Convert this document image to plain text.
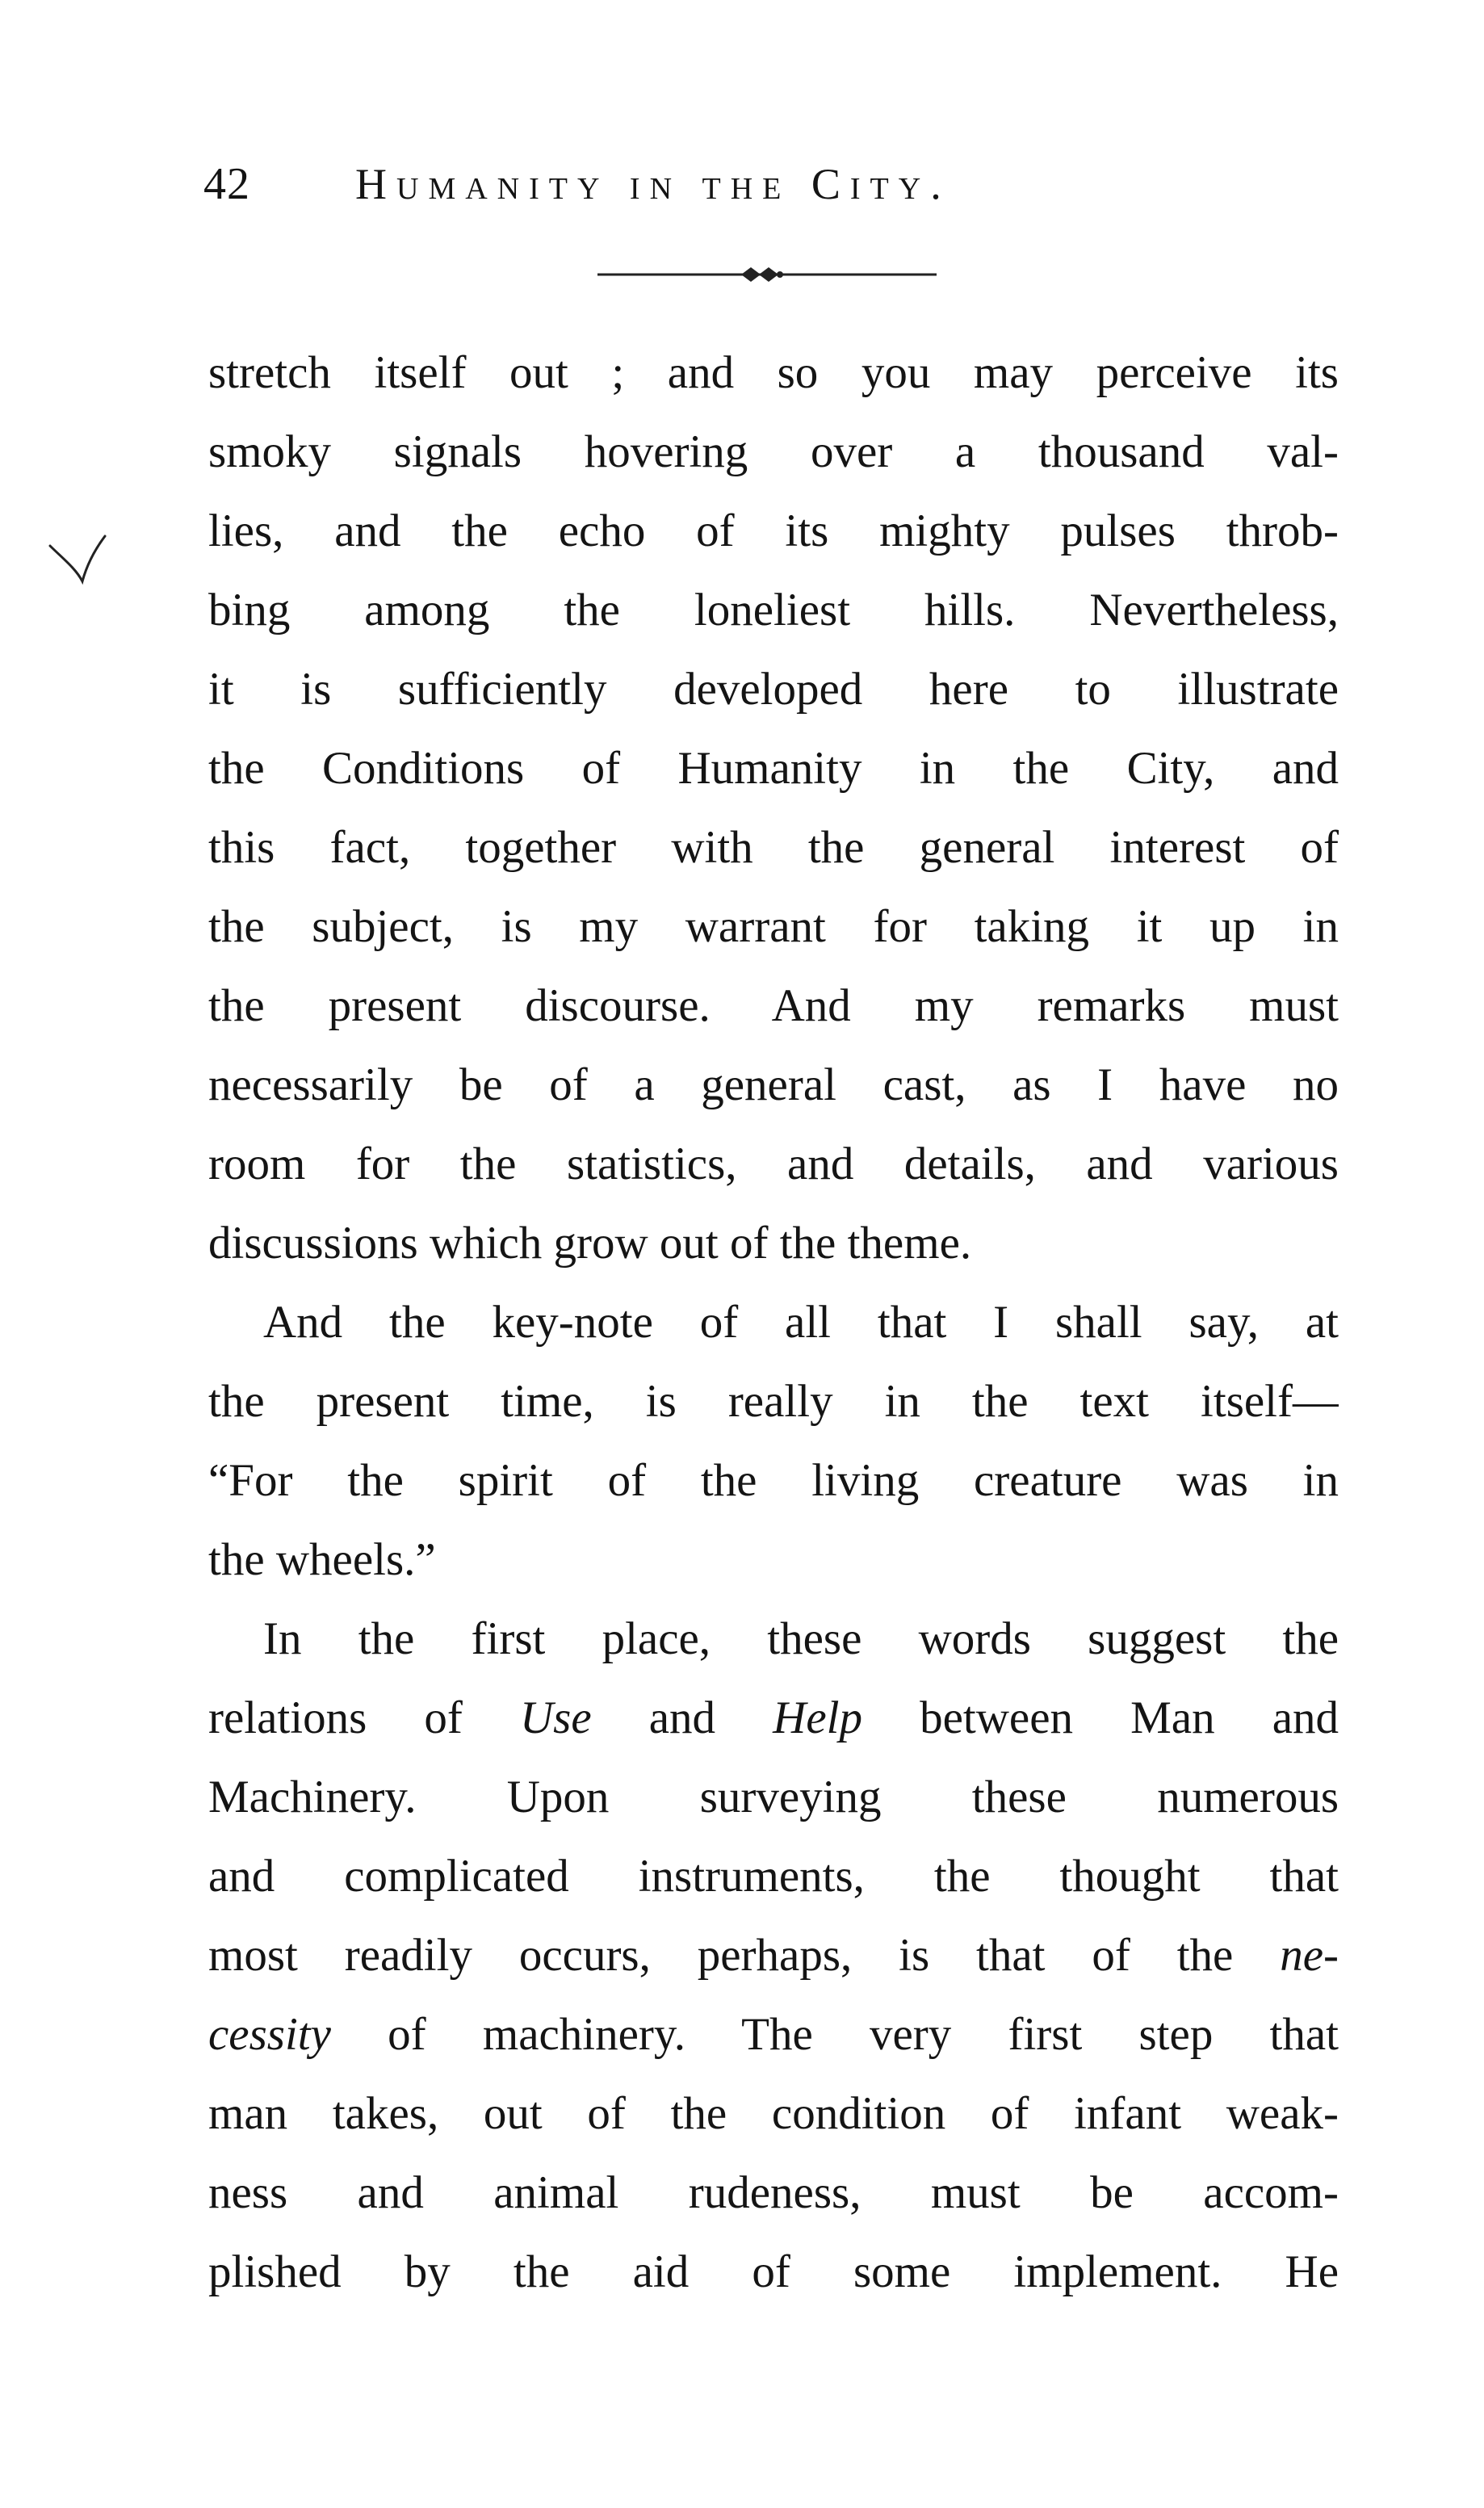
42 Humanity in the City.
stretch itself out ; and so you may perceive its
smoky signals hovering over a thousand val-
lies, and the echo of its mighty pulses throb-
bing among the loneliest hills. Nevertheless,
it is sufficiently developed here to illustrate
the Conditions of Humanity in the City, and
this fact, together with the general interest of
the subject, is my warrant for taking it up in
the present discourse. And my remarks must
necessarily be of a general cast, as I have no
room for the statistics, and details, and various
discussions which grow out of the theme.
And the key-note of all that I shall say, at
the present time, is really in the text itself—
“For the spirit of the living creature was in
the wheels.”
In the first place, these words suggest the
relations of Use and Help between Man and
Machinery. Upon surveying these numerous
and complicated instruments, the thought that
most readily occurs, perhaps, is that of the ne-
cessity of machinery. The very first step that
man takes, out of the condition of infant weak-
ness and animal rudeness, must be accom-
plished by the aid of some implement. He
